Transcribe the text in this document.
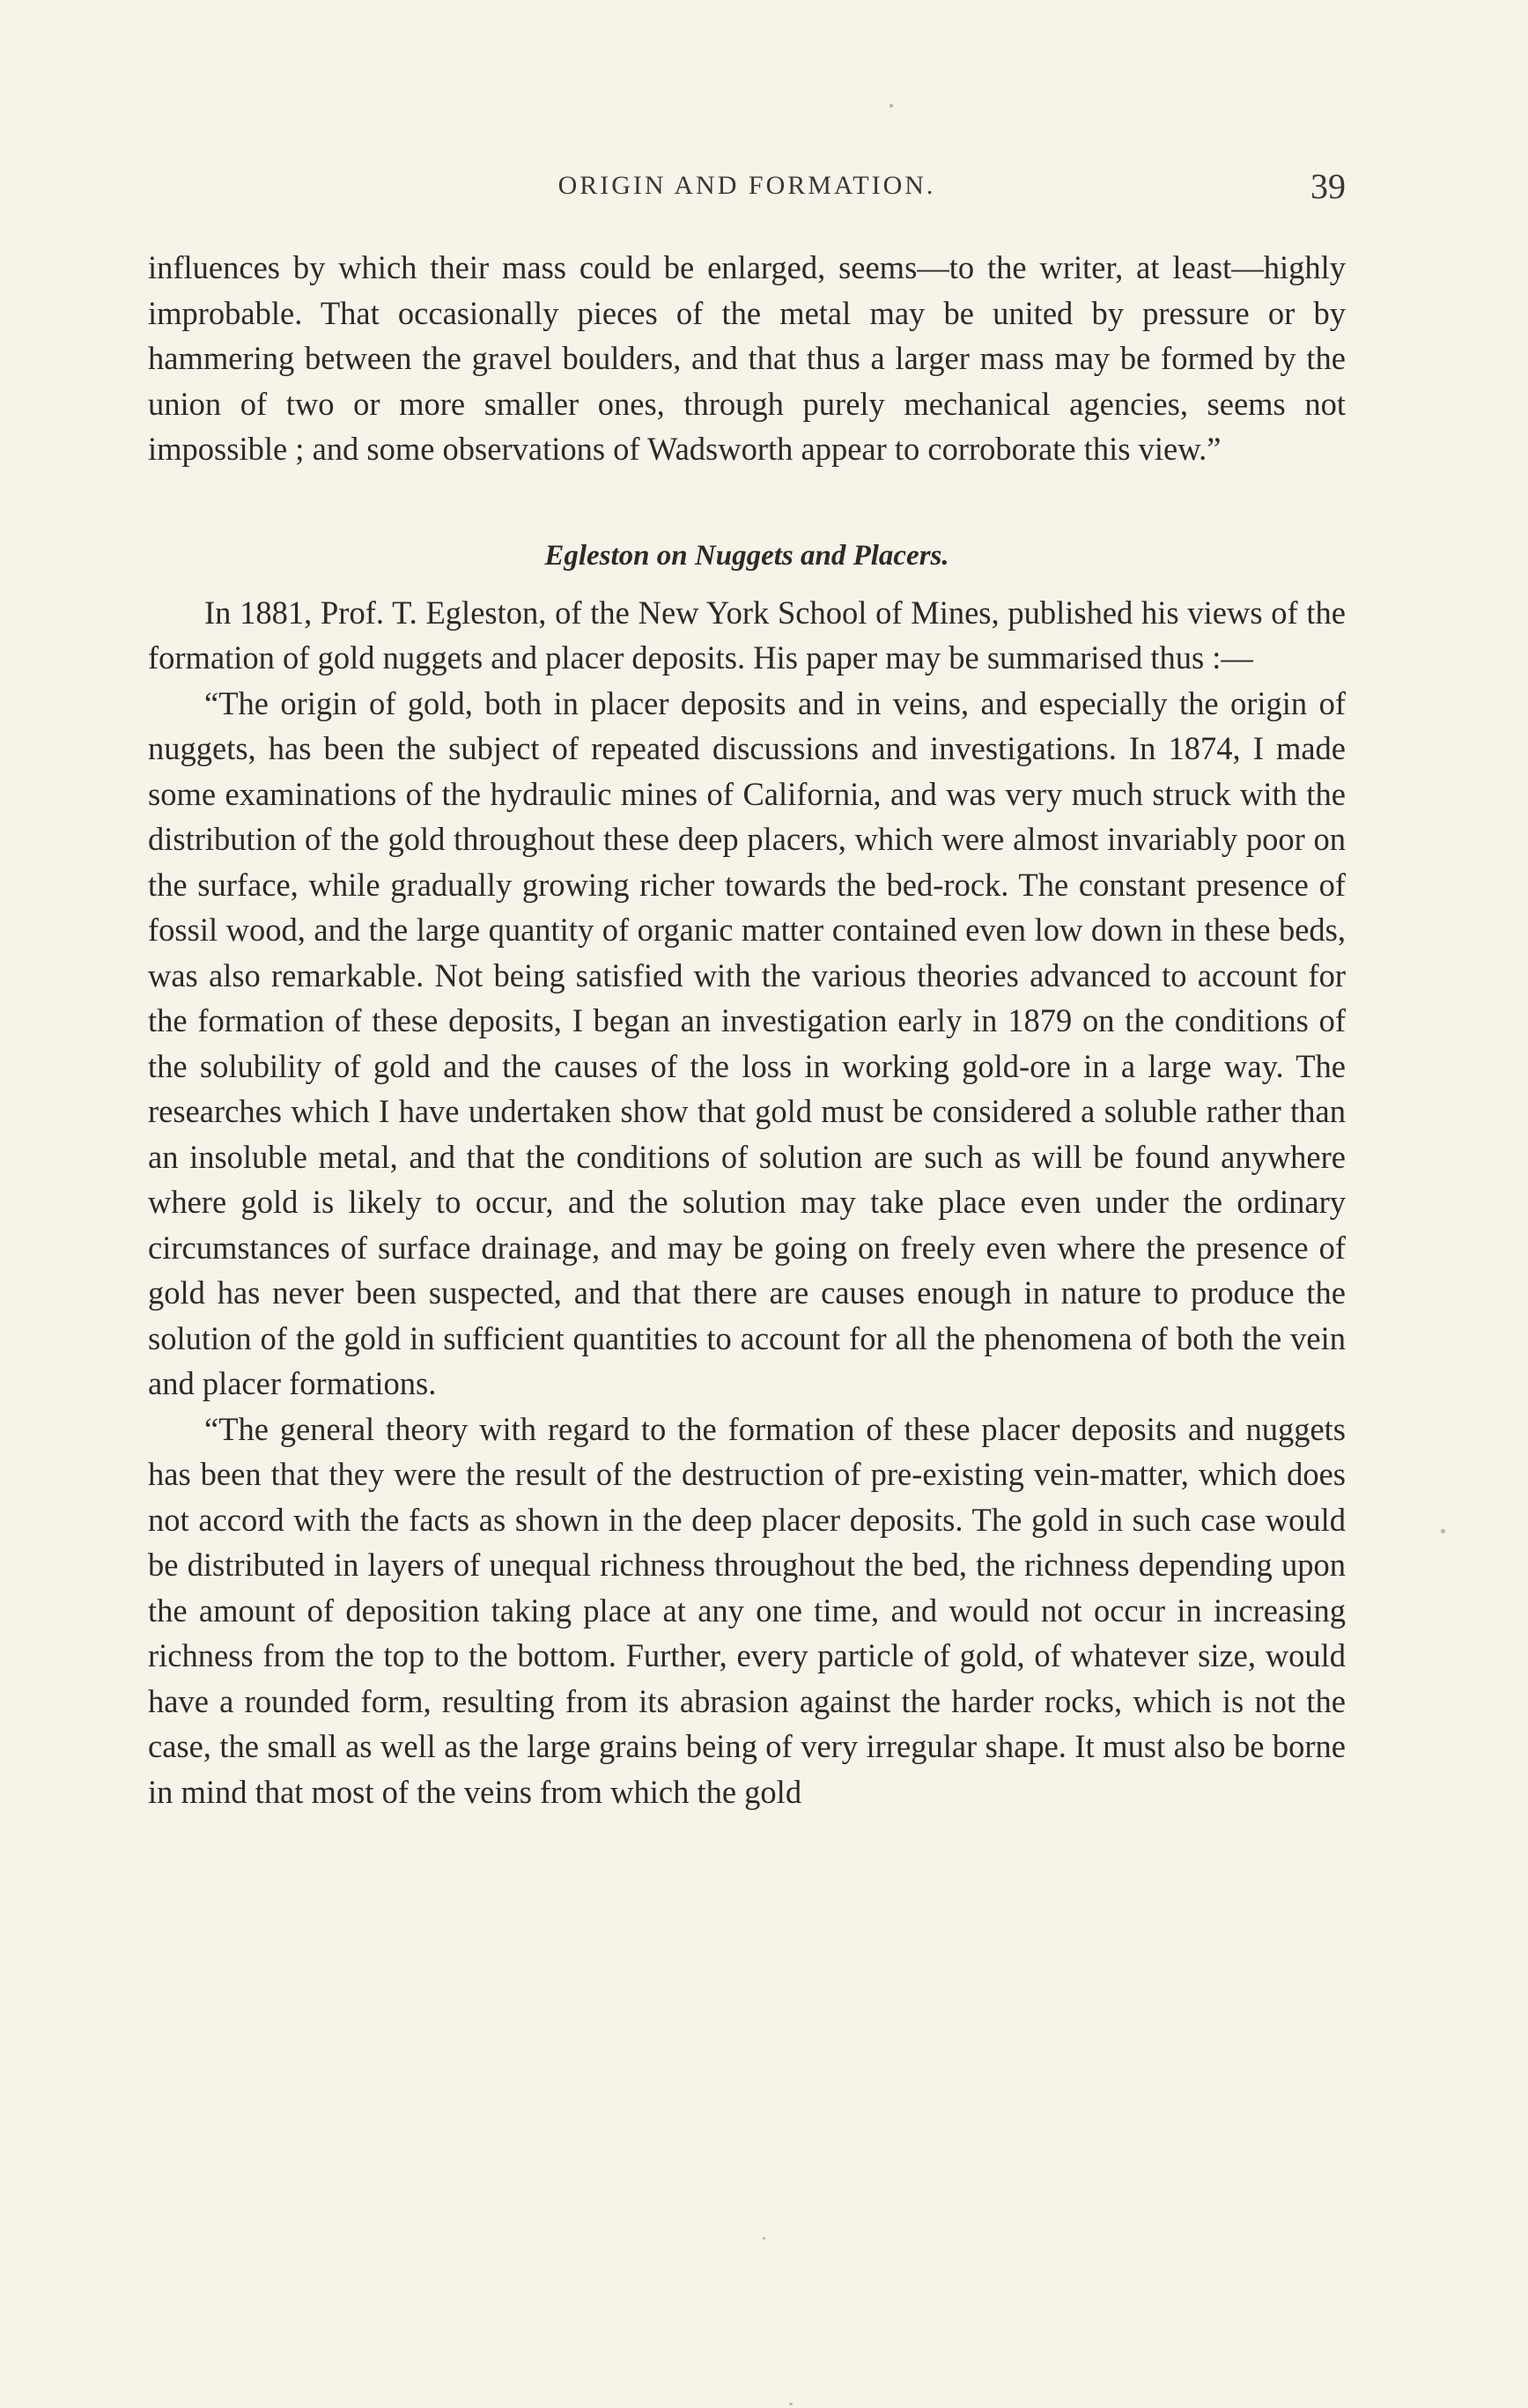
ORIGIN AND FORMATION.	39

influences by which their mass could be enlarged, seems—to the writer, at least—highly improbable. That occasionally pieces of the metal may be united by pressure or by hammering between the gravel boulders, and that thus a larger mass may be formed by the union of two or more smaller ones, through purely mechanical agencies, seems not impossible ; and some observations of Wadsworth appear to corroborate this view.”

Egleston on Nuggets and Placers.

In 1881, Prof. T. Egleston, of the New York School of Mines, published his views of the formation of gold nuggets and placer deposits. His paper may be summarised thus :—

“The origin of gold, both in placer deposits and in veins, and especially the origin of nuggets, has been the subject of repeated discussions and investigations. In 1874, I made some examinations of the hydraulic mines of California, and was very much struck with the distribution of the gold throughout these deep placers, which were almost invariably poor on the surface, while gradually growing richer towards the bed-rock. The constant presence of fossil wood, and the large quantity of organic matter contained even low down in these beds, was also remarkable. Not being satisfied with the various theories advanced to account for the formation of these deposits, I began an investigation early in 1879 on the conditions of the solubility of gold and the causes of the loss in working gold-ore in a large way. The researches which I have undertaken show that gold must be considered a soluble rather than an insoluble metal, and that the conditions of solution are such as will be found anywhere where gold is likely to occur, and the solution may take place even under the ordinary circumstances of surface drainage, and may be going on freely even where the presence of gold has never been suspected, and that there are causes enough in nature to produce the solution of the gold in sufficient quantities to account for all the phenomena of both the vein and placer formations.

“The general theory with regard to the formation of these placer deposits and nuggets has been that they were the result of the destruction of pre-existing vein-matter, which does not accord with the facts as shown in the deep placer deposits. The gold in such case would be distributed in layers of unequal richness throughout the bed, the richness depending upon the amount of deposition taking place at any one time, and would not occur in increasing richness from the top to the bottom. Further, every particle of gold, of whatever size, would have a rounded form, resulting from its abrasion against the harder rocks, which is not the case, the small as well as the large grains being of very irregular shape. It must also be borne in mind that most of the veins from which the gold
